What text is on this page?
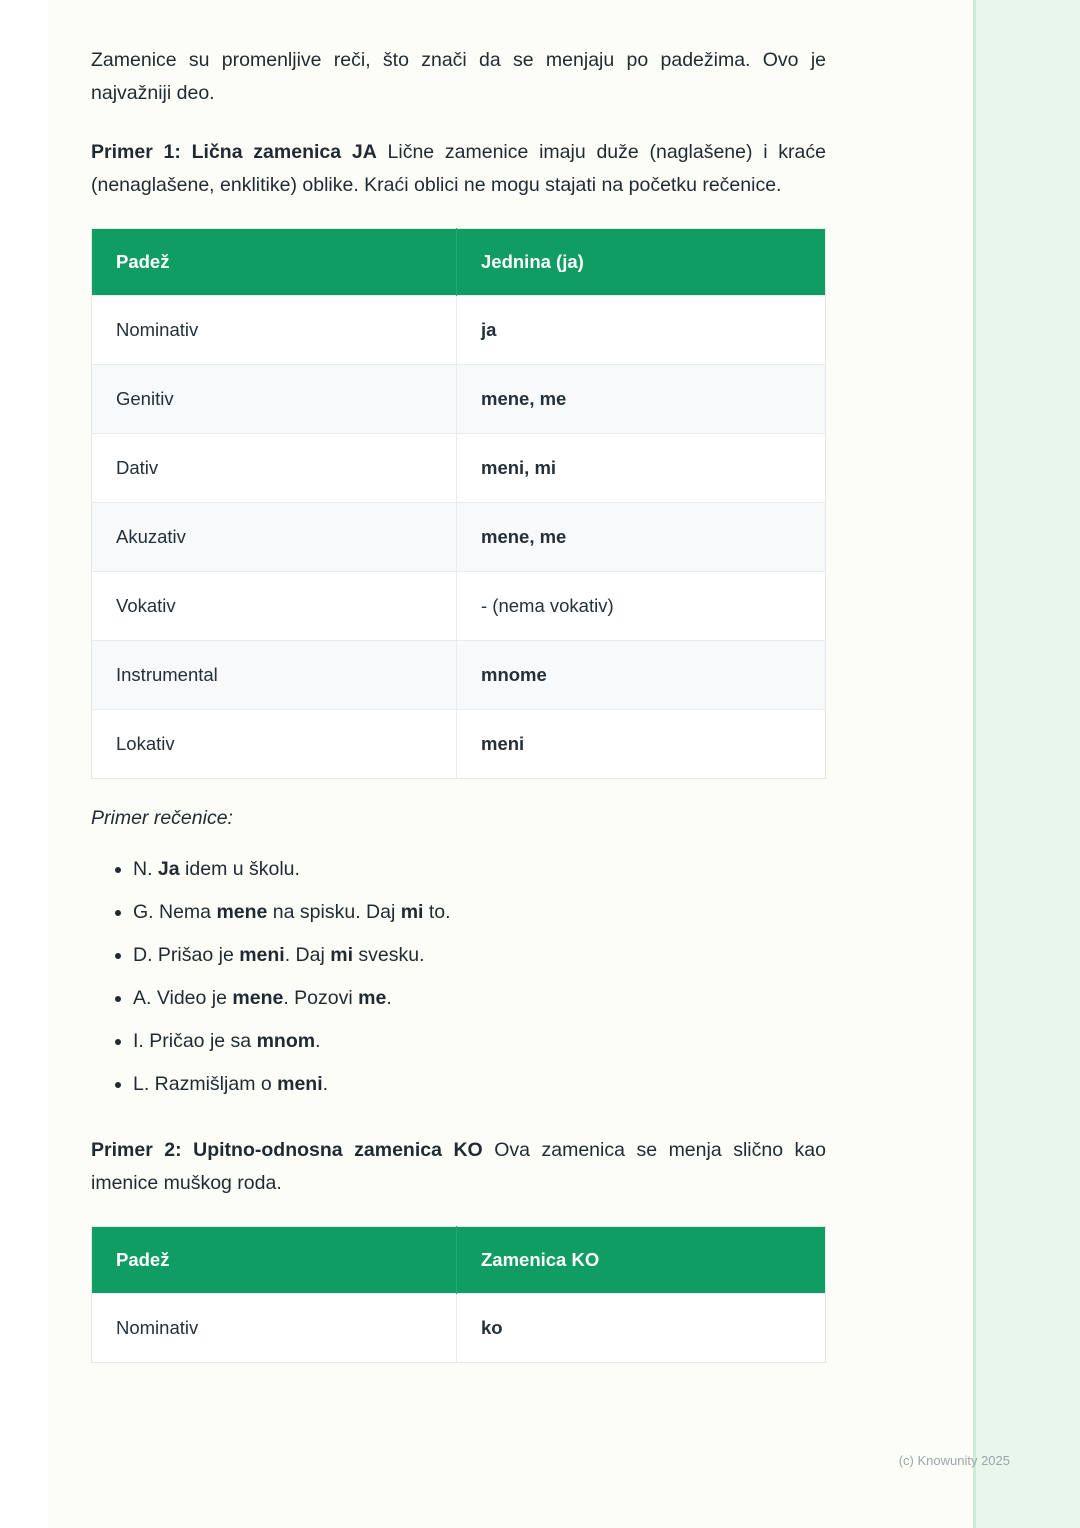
Zamenice su promenljive reči, što znači da se menjaju po padežima. Ovo je najvažniji deo.

Primer 1: Lična zamenica JA Lične zamenice imaju duže (naglašene) i kraće (nenaglašene, enklitike) oblike. Kraći oblici ne mogu stajati na početku rečenice.

Padež	Jednina (ja)
Nominativ	ja
Genitiv	mene, me
Dativ	meni, mi
Akuzativ	mene, me
Vokativ	- (nema vokativ)
Instrumental	mnome
Lokativ	meni
Primer rečenice:
• N. Ja idem u školu.
• G. Nema mene na spisku. Daj mi to.
• D. Prišao je meni. Daj mi svesku.
• A. Video je mene. Pozovi me.
• I. Pričao je sa mnom.
• L. Razmišljam o meni.

Primer 2: Upitno-odnosna zamenica KO Ova zamenica se menja slično kao imenice muškog roda.

Padež	Zamenica KO
Nominativ	ko
(c) Knowunity 2025
